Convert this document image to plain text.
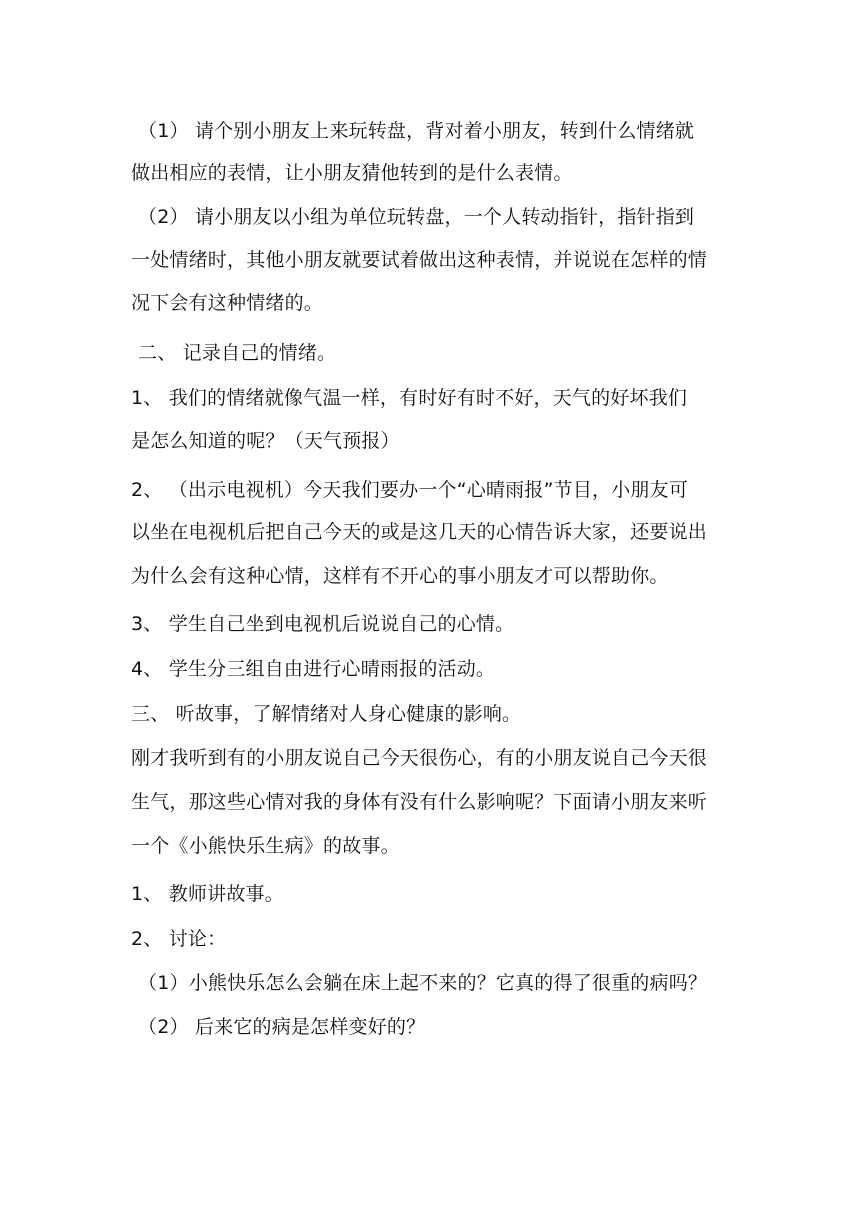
（1） 请个别小朋友上来玩转盘，背对着小朋友，转到什么情绪就
做出相应的表情，让小朋友猜他转到的是什么表情。
（2） 请小朋友以小组为单位玩转盘，一个人转动指针，指针指到
一处情绪时，其他小朋友就要试着做出这种表情，并说说在怎样的情
况下会有这种情绪的。
二、 记录自己的情绪。
1、 我们的情绪就像气温一样，有时好有时不好，天气的好坏我们
是怎么知道的呢？（天气预报）
2、 （出示电视机）今天我们要办一个“心晴雨报”节目，小朋友可
以坐在电视机后把自己今天的或是这几天的心情告诉大家，还要说出
为什么会有这种心情，这样有不开心的事小朋友才可以帮助你。
3、 学生自己坐到电视机后说说自己的心情。
4、 学生分三组自由进行心晴雨报的活动。
三、 听故事，了解情绪对人身心健康的影响。
刚才我听到有的小朋友说自己今天很伤心，有的小朋友说自己今天很
生气，那这些心情对我的身体有没有什么影响呢？下面请小朋友来听
一个《小熊快乐生病》的故事。
1、 教师讲故事。
2、 讨论：
（1）小熊快乐怎么会躺在床上起不来的？它真的得了很重的病吗？
（2） 后来它的病是怎样变好的？
